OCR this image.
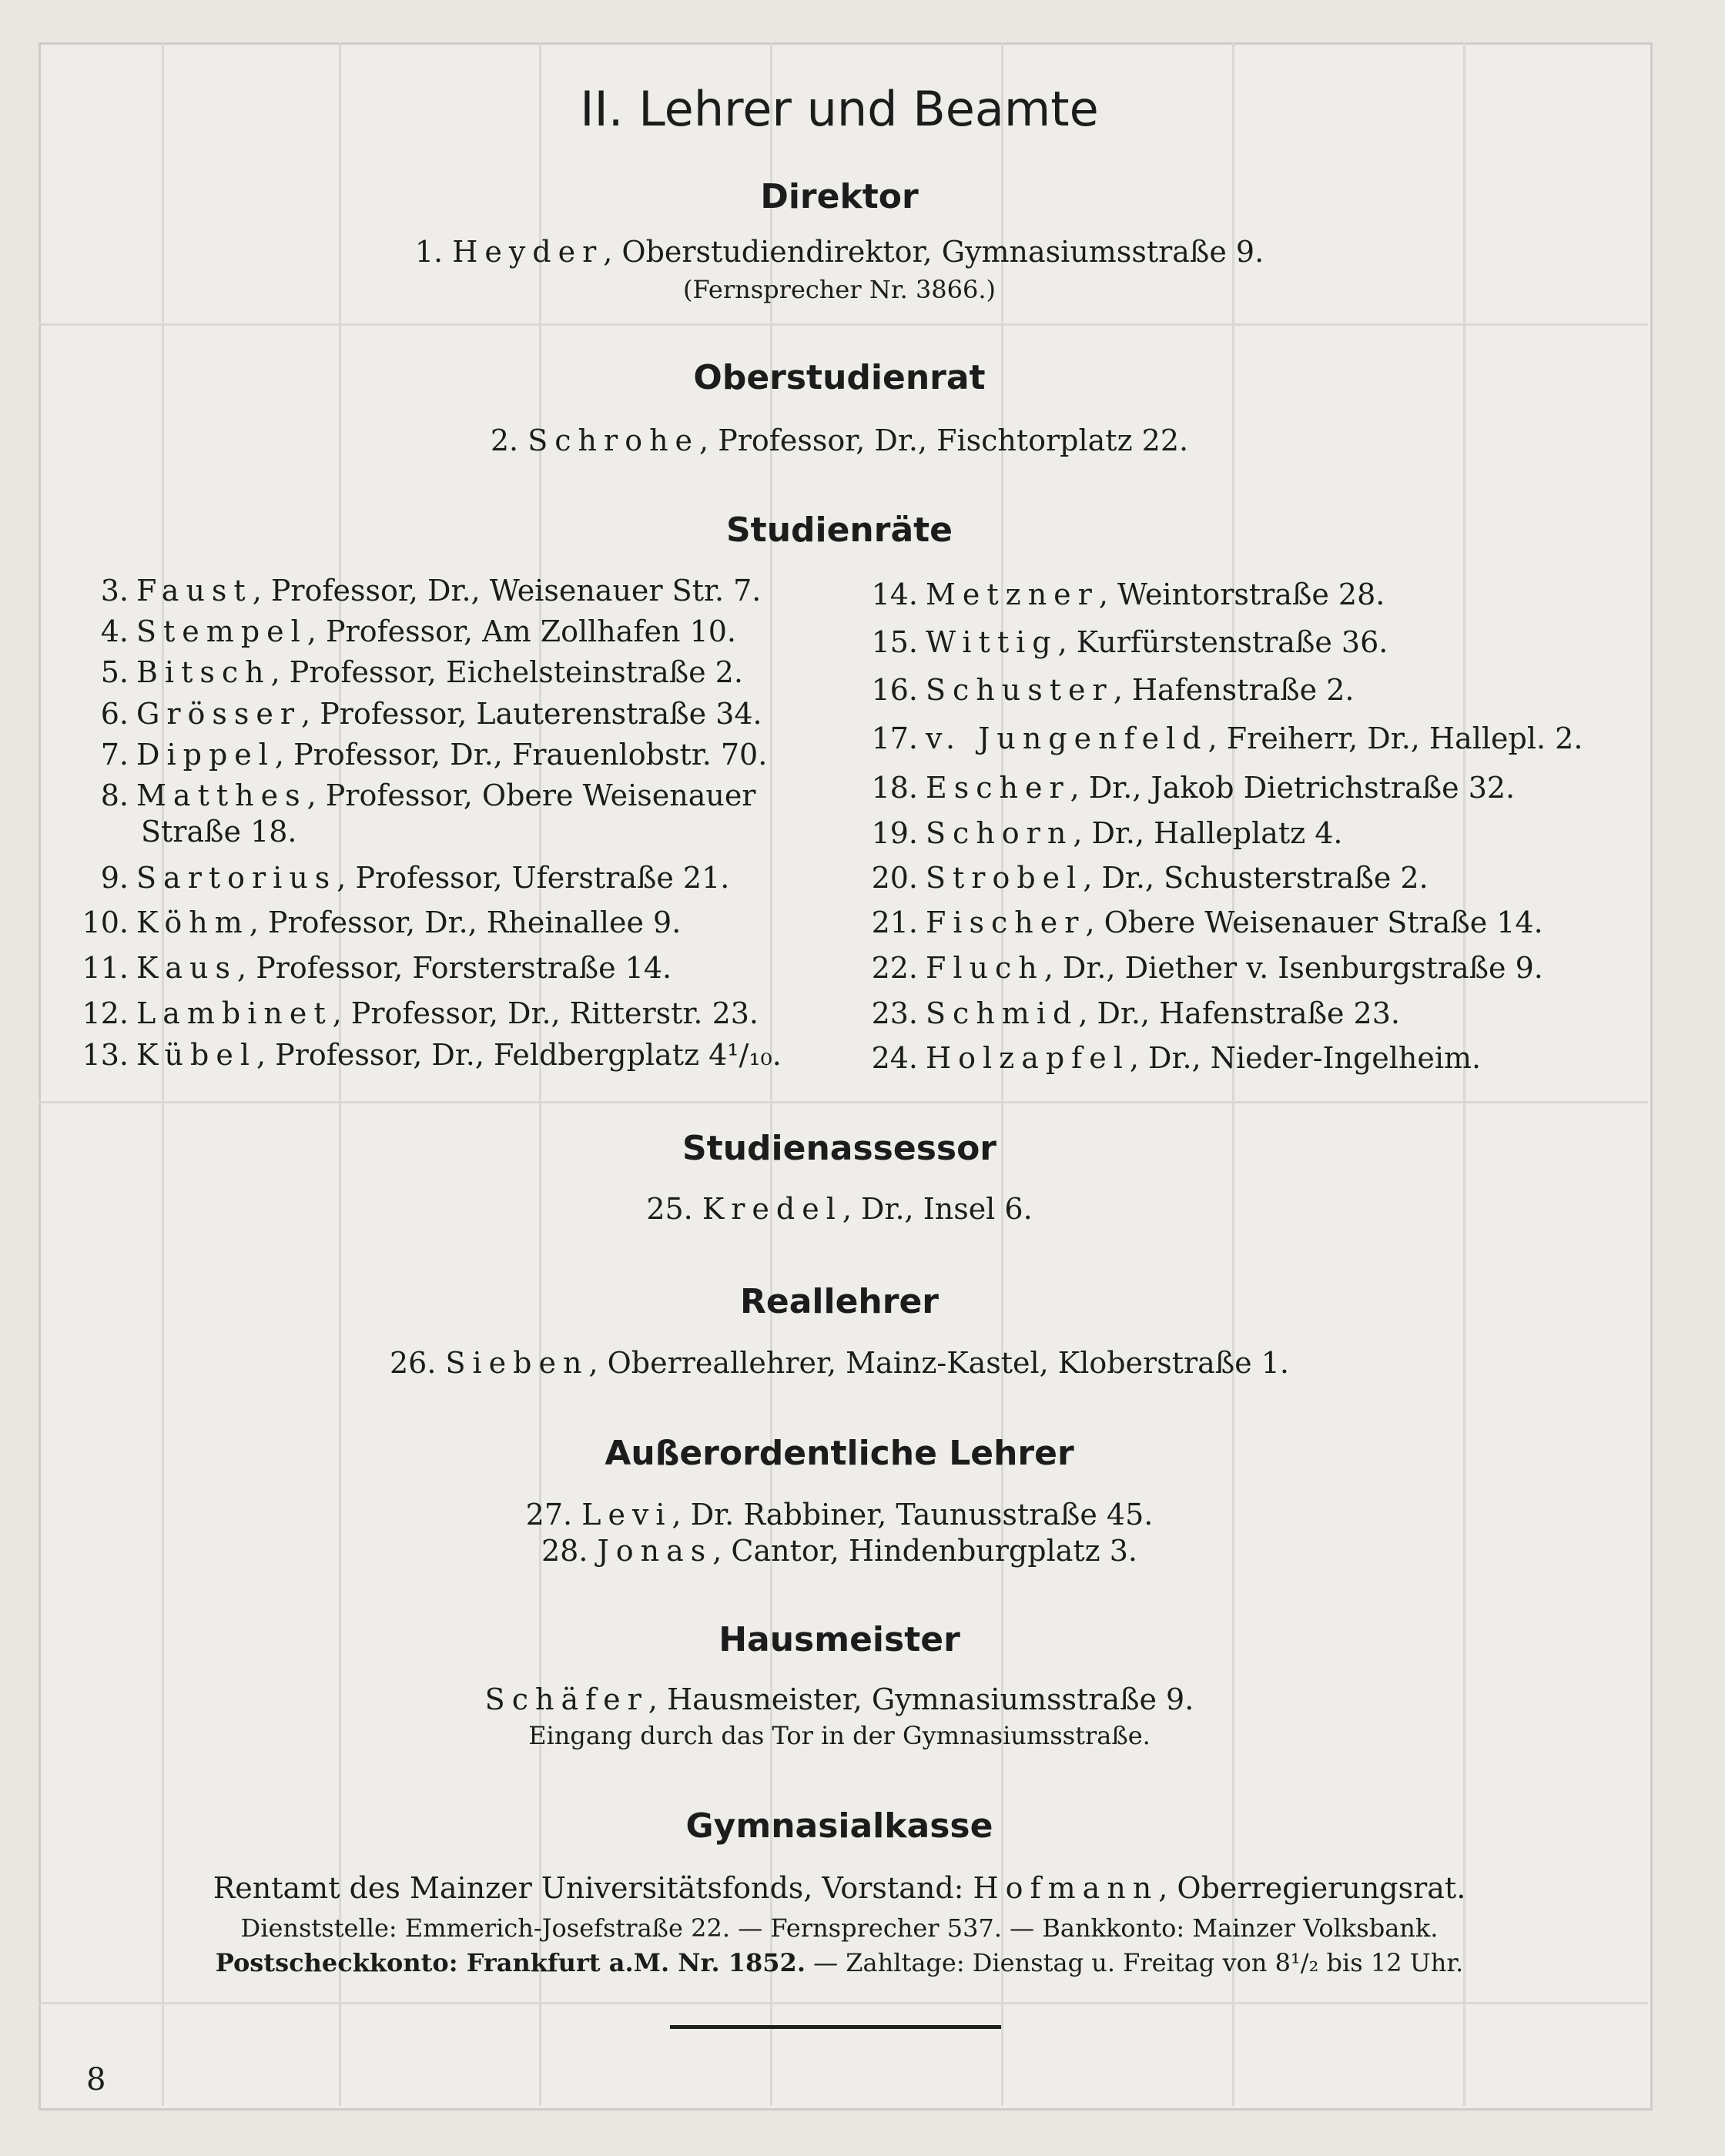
II. Lehrer und Beamte
Direktor
1. Heyder, Oberstudiendirektor, Gymnasiumsstraße 9.
(Fernsprecher Nr. 3866.)
Oberstudienrat
2. Schrohe, Professor, Dr., Fischtorplatz 22.
Studienräte
3. Faust, Professor, Dr., Weisenauer Str. 7.
4. Stempel, Professor, Am Zollhafen 10.
5. Bitsch, Professor, Eichelsteinstraße 2.
6. Grösser, Professor, Lauterenstraße 34.
7. Dippel, Professor, Dr., Frauenlobstr. 70.
8. Matthes, Professor, Obere Weisenauer
Straße 18.
9. Sartorius, Professor, Uferstraße 21.
10. Köhm, Professor, Dr., Rheinallee 9.
11. Kaus, Professor, Forsterstraße 14.
12. Lambinet, Professor, Dr., Ritterstr. 23.
13. Kübel, Professor, Dr., Feldbergplatz 4¹/₁₀.
14. Metzner, Weintorstraße 28.
15. Wittig, Kurfürstenstraße 36.
16. Schuster, Hafenstraße 2.
17. v. Jungenfeld, Freiherr, Dr., Hallepl. 2.
18. Escher, Dr., Jakob Dietrichstraße 32.
19. Schorn, Dr., Halleplatz 4.
20. Strobel, Dr., Schusterstraße 2.
21. Fischer, Obere Weisenauer Straße 14.
22. Fluch, Dr., Diether v. Isenburgstraße 9.
23. Schmid, Dr., Hafenstraße 23.
24. Holzapfel, Dr., Nieder-Ingelheim.
Studienassessor
25. Kredel, Dr., Insel 6.
Reallehrer
26. Sieben, Oberreallehrer, Mainz-Kastel, Kloberstraße 1.
Außerordentliche Lehrer
27. Levi, Dr. Rabbiner, Taunusstraße 45.
28. Jonas, Cantor, Hindenburgplatz 3.
Hausmeister
Schäfer, Hausmeister, Gymnasiumsstraße 9.
Eingang durch das Tor in der Gymnasiumsstraße.
Gymnasialkasse
Rentamt des Mainzer Universitätsfonds, Vorstand: Hofmann, Oberregierungsrat.
Dienststelle: Emmerich-Josefstraße 22. — Fernsprecher 537. — Bankkonto: Mainzer Volksbank.
Postscheckkonto: Frankfurt a.M. Nr. 1852. — Zahltage: Dienstag u. Freitag von 8¹/₂ bis 12 Uhr.
8
